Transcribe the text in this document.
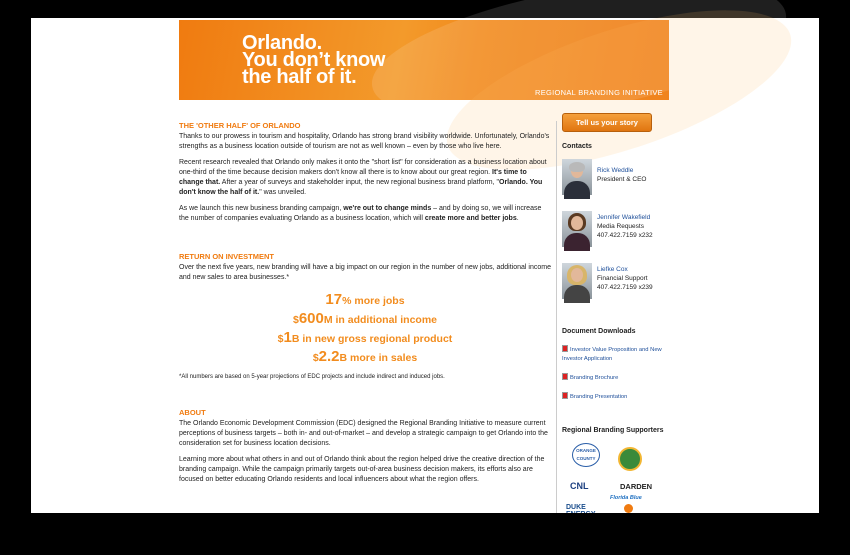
Orlando.
You don’t know
the half of it.
REGIONAL BRANDING INITIATIVE
THE 'OTHER HALF' OF ORLANDO

Thanks to our prowess in tourism and hospitality, Orlando has strong brand visibility worldwide. Unfortunately, Orlando's strengths as a business location outside of tourism are not as well known – even by those who live here.

Recent research revealed that Orlando only makes it onto the "short list" for consideration as a business location about one-third of the time because decision makers don't know all there is to know about our great region. It's time to change that. After a year of surveys and stakeholder input, the new regional business brand platform, "Orlando. You don't know the half of it." was unveiled.

As we launch this new business branding campaign, we're out to change minds – and by doing so, we will increase the number of companies evaluating Orlando as a business location, which will create more and better jobs.

RETURN ON INVESTMENT

Over the next five years, new branding will have a big impact on our region in the number of new jobs, additional income and new sales to area businesses.*

17% more jobs
$600M in additional income
$1B in new gross regional product
$2.2B more in sales

*All numbers are based on 5-year projections of EDC projects and include indirect and induced jobs.

ABOUT

The Orlando Economic Development Commission (EDC) designed the Regional Branding Initiative to measure current perceptions of business targets – both in- and out-of-market – and develop a strategic campaign to get Orlando into the consideration set for business location decisions.

Learning more about what others in and out of Orlando think about the region helped drive the creative direction of the branding campaign. While the campaign primarily targets out-of-area business decision makers, its efforts also are focused on better educating Orlando residents and local influencers about what the region offers.

Tell us your story
Contacts
Rick Weddle
President & CEO
Jennifer Wakefield
Media Requests
407.422.7159 x232
Liefke Cox
Financial Support
407.422.7159 x239
Document Downloads
Investor Value Proposition and New
Investor Application
Branding Brochure
Branding Presentation
Regional Branding Supporters
ORANGE COUNTY
CNL	DARDEN
Florida Blue
DUKE
